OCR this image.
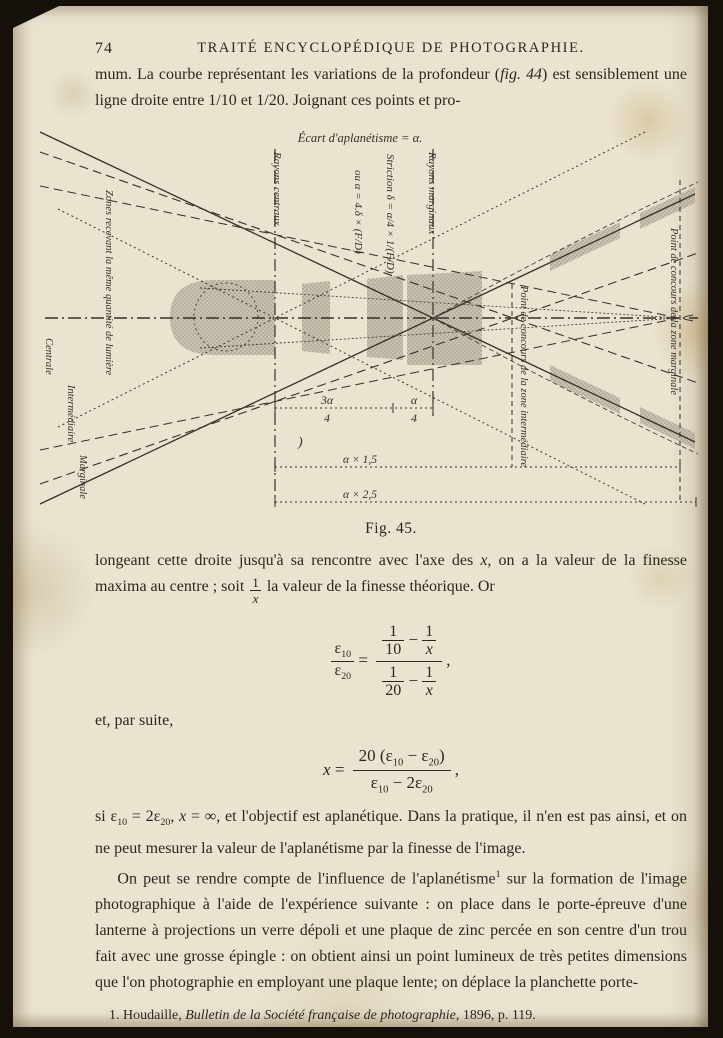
74	TRAITÉ ENCYCLOPÉDIQUE DE PHOTOGRAPHIE.

mum. La courbe représentant les variations de la profondeur (fig. 44) est sensiblement une ligne droite entre 1/10 et 1/20. Joignant ces points et pro-

3α
4
α
4
)
α × 1,5
α × 2,5
Écart d'aplanétisme = α.
Rayons centraux	ou α = 4.δ × (F/D) Striction δ = α/4 × 1/(F/D)	Rayons marginaux
Zones recevant la même quantité de lumière
Centrale
Intermédiaire
Marginale
Point de concours de la zone intermédiaire	Point de concours de la zone marginale
Fig. 45.

longeant cette droite jusqu'à sa rencontre avec l'axe des x, on a la valeur de la finesse maxima au centre ; soit $\frac{1}{x}$ la valeur de la finesse théorique. Or

$\frac{\varepsilon_{10}}{\varepsilon_{20}} = \frac{\frac{1}{10} - \frac{1}{x}}{\frac{1}{20} - \frac{1}{x}}$ ,

et, par suite,

$x = \frac{20 (\varepsilon_{10} - \varepsilon_{20})}{\varepsilon_{10} - 2\varepsilon_{20}}$ ,

si $\varepsilon_{10} = 2\varepsilon_{20}$, x = ∞, et l'objectif est aplanétique. Dans la pratique, il n'en est pas ainsi, et on ne peut mesurer la valeur de l'aplanétisme par la finesse de l'image.

On peut se rendre compte de l'influence de l'aplanétisme$^1$ sur la formation de l'image photographique à l'aide de l'expérience suivante : on place dans le porte-épreuve d'une lanterne à projections un verre dépoli et une plaque de zinc percée en son centre d'un trou fait avec une grosse épingle : on obtient ainsi un point lumineux de très petites dimensions que l'on photographie en employant une plaque lente; on déplace la planchette porte-

1. Houdaille, Bulletin de la Société française de photographie, 1896, p. 119.
